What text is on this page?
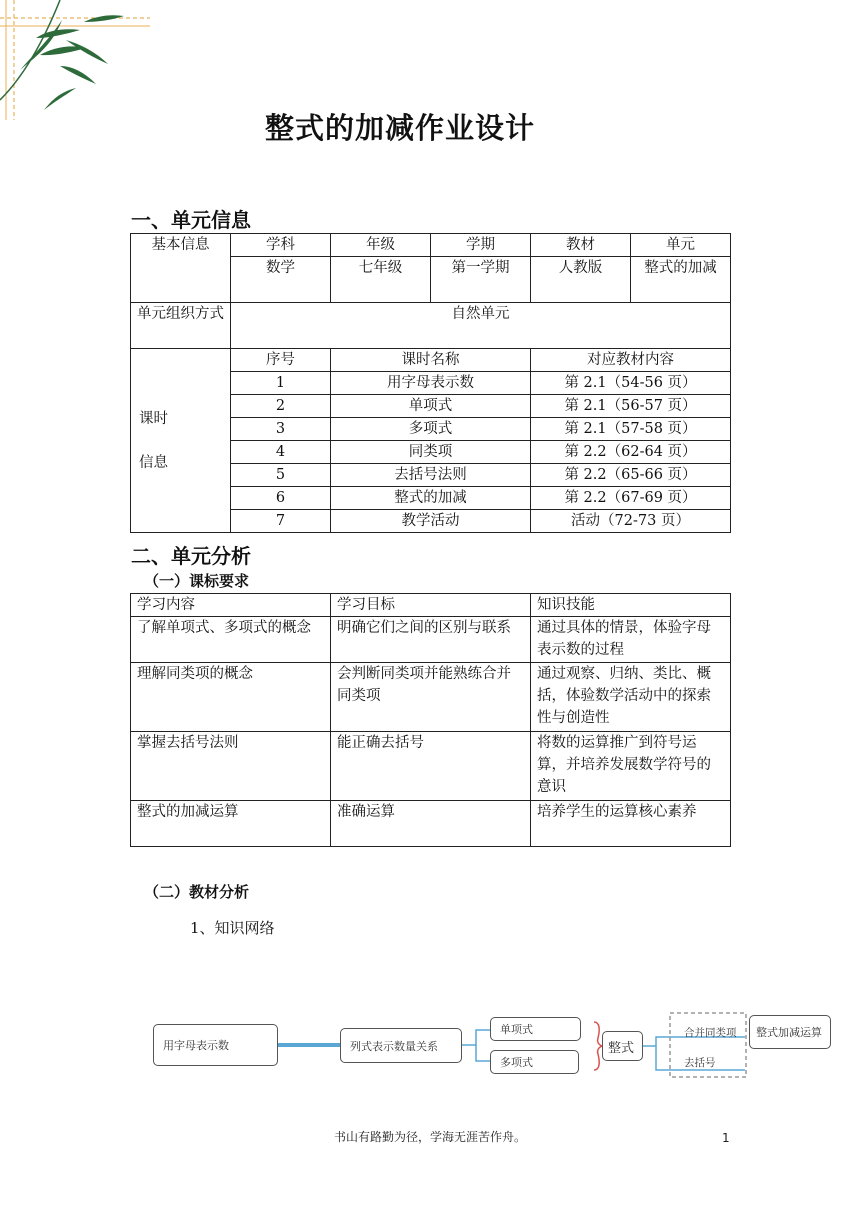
整式的加减作业设计
一、单元信息
基本信息	学科	年级	学期	教材	单元
	数学	七年级	第一学期	人教版	整式的加减
单元组织方式	自然单元				

课时
信息	序号	课时名称		对应教材内容	
	1	用字母表示数		第 2.1（54-56 页）	
	2	单项式		第 2.1（56-57 页）	
	3	多项式		第 2.1（57-58 页）	
	4	同类项		第 2.2（62-64 页）	
	5	去括号法则		第 2.2（65-66 页）	
	6	整式的加减		第 2.2（67-69 页）	
	7	教学活动		活动（72-73 页）	
二、单元分析
（一）课标要求
学习内容	学习目标	知识技能
了解单项式、多项式的概念	明确它们之间的区别与联系	通过具体的情景，体验字母表示数的过程
理解同类项的概念	会判断同类项并能熟练合并同类项	通过观察、归纳、类比、概括，体验数学活动中的探索性与创造性
掌握去括号法则	能正确去括号	将数的运算推广到符号运算，并培养发展数学符号的意识
整式的加减运算	准确运算	培养学生的运算核心素养
（二）教材分析
1、知识网络
用字母表示数	列式表示数量关系
单项式
多项式
整式
合并同类项
去括号
整式加减运算
书山有路勤为径，学海无涯苦作舟。	1
